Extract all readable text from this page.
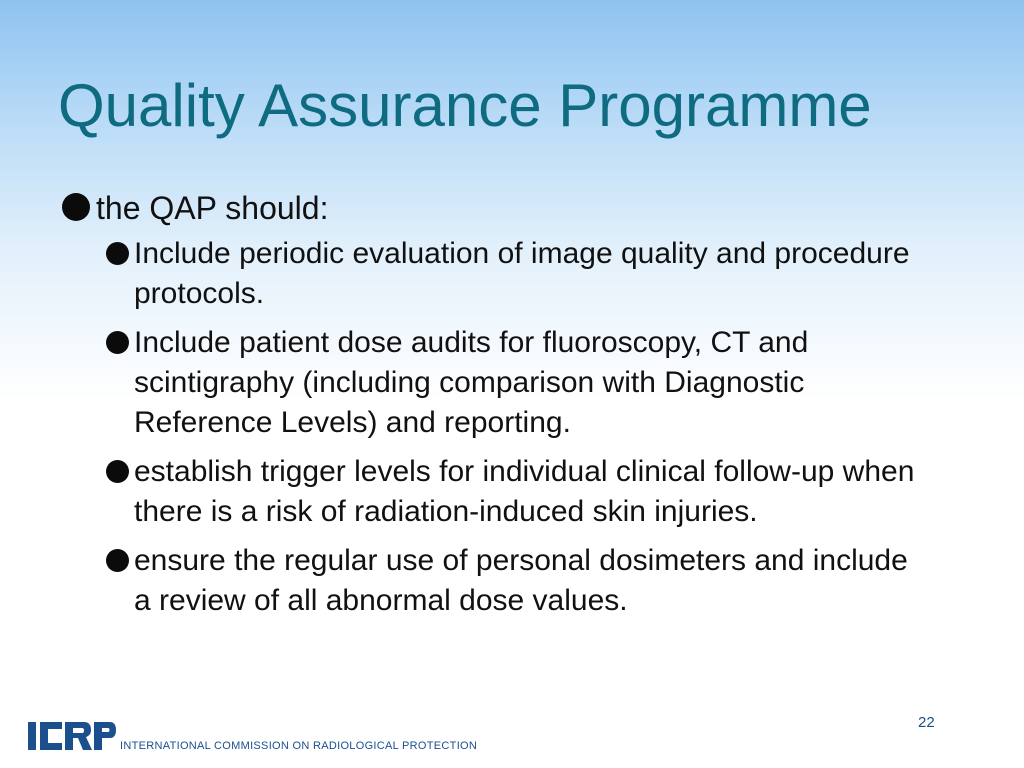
Quality Assurance Programme
the QAP should:
Include periodic evaluation of image quality and procedure protocols.
Include patient dose audits for fluoroscopy, CT and scintigraphy (including comparison with Diagnostic Reference Levels) and reporting.
establish trigger levels for individual clinical follow-up when there is a risk of radiation-induced skin injuries.
ensure the regular use of personal dosimeters and include a review of all abnormal dose values.
22
INTERNATIONAL COMMISSION ON RADIOLOGICAL PROTECTION
